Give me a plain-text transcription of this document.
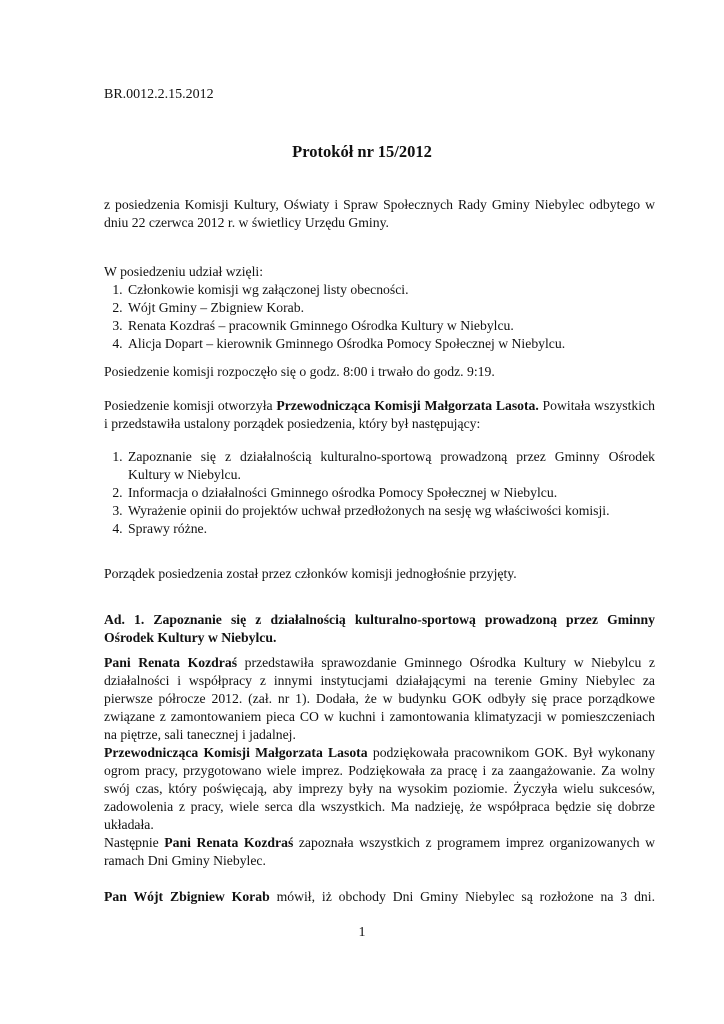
BR.0012.2.15.2012
Protokół nr 15/2012
z posiedzenia Komisji Kultury, Oświaty i Spraw Społecznych Rady Gminy Niebylec odbytego w dniu 22 czerwca 2012 r. w świetlicy Urzędu Gminy.

W posiedzeniu udział wzięli:

1. Członkowie komisji wg załączonej listy obecności.
2. Wójt Gminy – Zbigniew Korab.
3. Renata Kozdraś – pracownik Gminnego Ośrodka Kultury w Niebylcu.
4. Alicja Dopart – kierownik Gminnego Ośrodka Pomocy Społecznej w Niebylcu.
Posiedzenie komisji rozpoczęło się o godz. 8:00 i trwało do godz. 9:19.
Posiedzenie komisji otworzyła Przewodnicząca Komisji Małgorzata Lasota. Powitała wszystkich i przedstawiła ustalony porządek posiedzenia, który był następujący:
1. Zapoznanie się z działalnością kulturalno-sportową prowadzoną przez Gminny Ośrodek Kultury w Niebylcu.
2. Informacja o działalności Gminnego ośrodka Pomocy Społecznej w Niebylcu.
3. Wyrażenie opinii do projektów uchwał przedłożonych na sesję wg właściwości komisji.
4. Sprawy różne.
Porządek posiedzenia został przez członków komisji jednogłośnie przyjęty.
Ad. 1. Zapoznanie się z działalnością kulturalno-sportową prowadzoną przez Gminny Ośrodek Kultury w Niebylcu.
Pani Renata Kozdraś przedstawiła sprawozdanie Gminnego Ośrodka Kultury w Niebylcu z działalności i współpracy z innymi instytucjami działającymi na terenie Gminy Niebylec za pierwsze półrocze 2012. (zał. nr 1). Dodała, że w budynku GOK odbyły się prace porządkowe związane z zamontowaniem pieca CO w kuchni i zamontowania klimatyzacji w pomieszczeniach na piętrze, sali tanecznej i jadalnej.
Przewodnicząca Komisji Małgorzata Lasota podziękowała pracownikom GOK. Był wykonany ogrom pracy, przygotowano wiele imprez. Podziękowała za pracę i za zaangażowanie. Za wolny swój czas, który poświęcają, aby imprezy były na wysokim poziomie. Życzyła wielu sukcesów, zadowolenia z pracy, wiele serca dla wszystkich. Ma nadzieję, że współpraca będzie się dobrze układała.
Następnie Pani Renata Kozdraś zapoznała wszystkich z programem imprez organizowanych w ramach Dni Gminy Niebylec.
Pan Wójt Zbigniew Korab mówił, iż obchody Dni Gminy Niebylec są rozłożone na 3 dni.
1
